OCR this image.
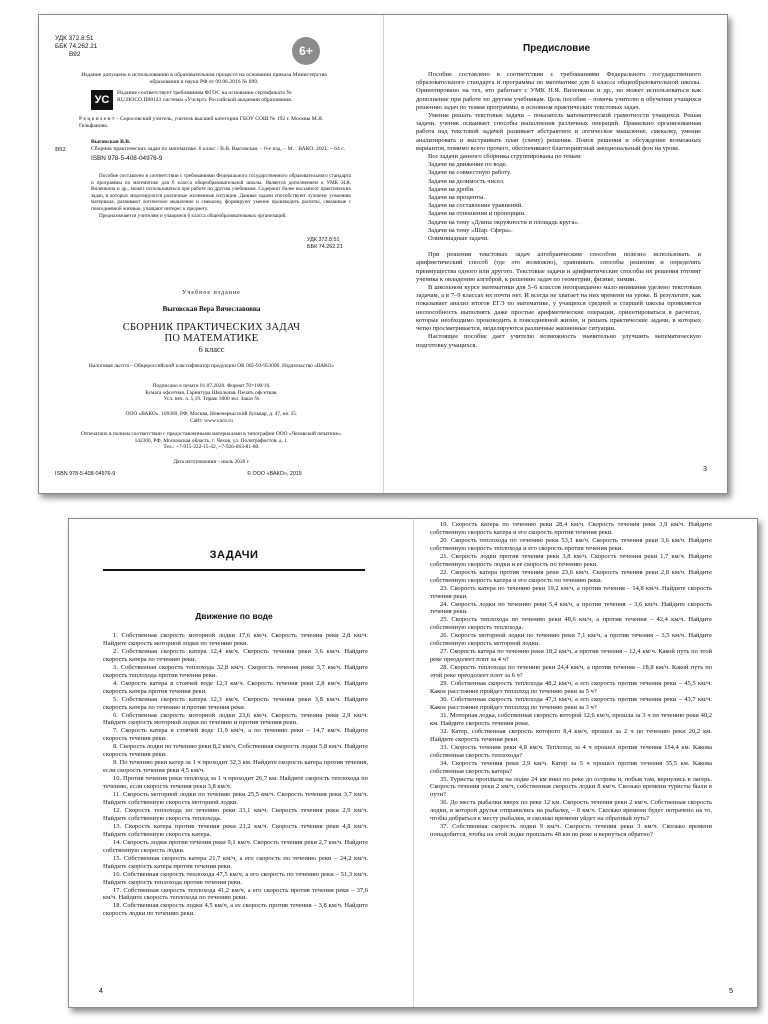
УДК 372.8:51
ББК 74.262.21
В92	6+
Издание допущено к использованию в образовательном процессе на основании приказа Министерства образования и науки РФ от 09.06.2016 № 699.
УС
Издание соответствует требованиям ФГОС на основании сертификата № RU.НОСО.П00143 системы «Учсерт» Российской академии образования.
Р е ц е н з е н т – Соросовский учитель, учитель высшей категории ГБОУ СОШ № 192 г. Москвы М.Я. Гельфанова.
Выговская В.В.
В92	Сборник практических задач по математике. 6 класс / В.В. Выговская. – 6-е изд. – М. : ВАКО, 2021. – 64 с.
ISBN 978-5-408-04976-9

Пособие составлено в соответствии с требованиями Федерального государственного образовательного стандарта и программы по математике для 6 класса общеобразовательной школы. Является дополнением к УМК Н.Я. Виленкина и др., может использоваться при работе по другим учебникам. Содержит более восьмисот практических задач, в которых моделируются различные жизненные ситуации. Данные задачи способствуют лучшему усвоению материала, развивают логическое мышление и смекалку, формируют умение производить расчеты, связанные с повседневной жизнью, учащают интерес к предмету.

Предназначается учителям и учащимся 6 класса общеобразовательных организаций.

УДК 372.8:51
ББК 74.262.21
Учебное издание
Выговская Вера Вячеславовна
СБОРНИК ПРАКТИЧЕСКИХ ЗАДАЧ
ПО МАТЕМАТИКЕ
6 класс
Налоговая льгота – Общероссийский классификатор продукции ОК 005-93-953000. Издательство «ВАКО»
Подписано к печати 01.07.2020. Формат 70×100/16.
Бумага офсетная. Гарнитура Школьная. Печать офсетная.
Усл. печ. л. 5,19. Тираж 3000 экз. Заказ №
ООО «ВАКО». 109369, РФ, Москва, Новочеркасский бульвар, д. 47, кв. 25.
Сайт: www.vaco.ru
Отпечатано в полном соответствии с предоставленными материалами в типографии ООО «Чеховский печатник».
142300, РФ, Московская область, г. Чехов, ул. Полиграфистов, д. 1.
Тел.: +7-915-222-15-42, +7-926-063-81-80.
Дата изготовления – июль 2020 г.
ISBN 978-5-408-04976-9	© ООО «ВАКО», 2015
Предисловие

Пособие составлено в соответствии с требованиями Федерального государственного образовательного стандарта и программы по математике для 6 класса общеобразовательной школы. Ориентировано на тех, кто работает с УМК Н.Я. Виленкина и др., но может использоваться как дополнение при работе по другим учебникам. Цель пособия – помочь учителю в обучении учащихся решению задач по темам программы, в основном практических текстовых задач.

Умение решать текстовые задачи – показатель математической грамотности учащихся. Решая задачи, ученик осваивает способы выполнения различных операций. Правильно организованная работа над текстовой задачей развивает абстрактное и логическое мышление, смекалку, умение анализировать и выстраивать план (схему) решения. Поиск решения и обсуждение возможных вариантов, помимо всего прочего, обеспечивают благоприятный эмоциональный фон на уроке.

Все задачи данного сборника сгруппированы по темам:

Задачи на движение по воде.
Задачи на совместную работу.
Задачи на делимость чисел.
Задачи на дроби.
Задачи на проценты.
Задачи на составление уравнений.
Задачи на отношения и пропорции.
Задачи на тему «Длина окружности и площадь круга».
Задачи на тему «Шар. Сфера».
Олимпиадные задачи.

При решении текстовых задач алгебраическим способом полезно использовать и арифметический способ (где это возможно), сравнивать способы решения и определять преимущества одного или другого. Текстовые задачи и арифметические способы их решения готовят ученика к овладению алгеброй, к решению задач по геометрии, физике, химии.

В школьном курсе математики для 5–6 классов неоправданно мало внимания уделено текстовым задачам, а в 7–9 классах их почти нет. И всегда не хватает на них времени на уроке. В результате, как показывает анализ итогов ЕГЭ по математике, у учащихся средней и старшей школы проявляется неспособность выполнять даже простые арифметические операции, ориентироваться в расчетах, которые необходимо производить в повседневной жизни, и решать практические задачи, в которых четко просматривается, моделируются различные жизненные ситуации.

Настоящее пособие дает учителю возможность значительно улучшить математическую подготовку учащихся.

3
ЗАДАЧИ
Движение по воде

1. Собственная скорость моторной лодки 17,6 км/ч. Скорость течения реки 2,8 км/ч. Найдите скорость моторной лодки по течению реки.

2. Собственная скорость катера 12,4 км/ч. Скорость течения реки 3,6 км/ч. Найдите скорость катера по течению реки.

3. Собственная скорость теплохода 32,8 км/ч. Скорость течения реки 3,7 км/ч. Найдите скорость теплохода против течения реки.

4. Скорость катера в стоячей воде 12,3 км/ч. Скорость течения реки 2,8 км/ч. Найдите скорость катера против течения реки.

5. Собственная скорость катера 12,3 км/ч. Скорость течения реки 3,8 км/ч. Найдите скорость катера по течению и против течения реки.

6. Собственная скорость моторной лодки 23,6 км/ч. Скорость течения реки 2,9 км/ч. Найдите скорость моторной лодки по течению и против течения реки.

7. Скорость катера в стоячей воде 11,9 км/ч, а по течению реки – 14,7 км/ч. Найдите скорость течения реки.

8. Скорость лодки по течению реки 8,2 км/ч. Собственная скорость лодки 5,8 км/ч. Найдите скорость течения реки.

9. По течению реки катер за 1 ч проходит 32,3 км. Найдите скорость катера против течения, если скорость течения реки 4,5 км/ч.

10. Против течения реки теплоход за 1 ч проходит 26,7 км. Найдите скорость теплохода по течению, если скорость течения реки 3,8 км/ч.

11. Скорость моторной лодки по течению реки 25,5 км/ч. Скорость течения реки 3,7 км/ч. Найдите собственную скорость моторной лодки.

12. Скорость теплохода по течению реки 33,1 км/ч. Скорость течения реки 2,9 км/ч. Найдите собственную скорость теплохода.

13. Скорость катера против течения реки 21,2 км/ч. Скорость течения реки 4,8 км/ч. Найдите собственную скорость катера.

14. Скорость лодки против течения реки 9,1 км/ч. Скорость течения реки 2,7 км/ч. Найдите собственную скорость лодки.

15. Собственная скорость катера 21,7 км/ч, а его скорость по течению реки – 24,2 км/ч. Найдите скорость катера против течения реки.

16. Собственная скорость теплохода 47,5 км/ч, а его скорость по течению реки – 51,3 км/ч. Найдите скорость теплохода против течения реки.

17. Собственная скорость теплохода 41,2 км/ч, а его скорость против течения реки – 37,6 км/ч. Найдите скорость теплохода по течению реки.

18. Собственная скорость лодки 4,5 км/ч, а ее скорость против течения – 3,8 км/ч. Найдите скорость лодки по течению реки.

4

19. Скорость катера по течению реки 28,4 км/ч. Скорость течения реки 3,9 км/ч. Найдите собственную скорость катера и его скорость против течения реки.

20. Скорость теплохода по течению реки 53,1 км/ч. Скорость течения реки 3,6 км/ч. Найдите собственную скорость теплохода и его скорость против течения реки.

21. Скорость лодки против течения реки 3,8 км/ч. Скорость течения реки 1,7 км/ч. Найдите собственную скорость лодки и ее скорость по течению реки.

22. Скорость катера против течения реки 23,6 км/ч. Скорость течения реки 2,8 км/ч. Найдите собственную скорость катера и его скорость по течению реки.

23. Скорость катера по течению реки 19,2 км/ч, а против течения – 14,8 км/ч. Найдите скорость течения реки.

24. Скорость лодки по течению реки 5,4 км/ч, а против течения – 3,6 км/ч. Найдите скорость течения реки.

25. Скорость теплохода по течению реки 48,6 км/ч, а против течения – 42,4 км/ч. Найдите собственную скорость теплохода.

26. Скорость моторной лодки по течению реки 7,1 км/ч, а против течения – 3,5 км/ч. Найдите собственную скорость моторной лодки.

27. Скорость катера по течению реки 18,2 км/ч, а против течения – 12,4 км/ч. Какой путь по этой реке преодолеет плот за 4 ч?

28. Скорость теплохода по течению реки 24,4 км/ч, а против течения – 18,8 км/ч. Какой путь по этой реке преодолеет плот за 6 ч?

29. Собственная скорость теплохода 48,2 км/ч, а его скорость против течения реки – 45,5 км/ч. Какое расстояние пройдет теплоход по течению реки за 5 ч?

30. Собственная скорость теплохода 47,3 км/ч, а его скорость против течения реки – 43,7 км/ч. Какое расстояние пройдет теплоход по течению реки за 3 ч?

31. Моторная лодка, собственная скорость которой 12,6 км/ч, прошла за 3 ч по течению реки 40,2 км. Найдите скорость течения реки.

32. Катер, собственная скорость которого 8,4 км/ч, прошел за 2 ч по течению реки 20,2 км. Найдите скорость течения реки.

33. Скорость течения реки 4,8 км/ч. Теплоход за 4 ч прошел против течения 154,4 км. Какова собственная скорость теплохода?

34. Скорость течения реки 2,9 км/ч. Катер за 5 ч прошел против течения 35,5 км. Какова собственная скорость катера?

35. Туристы проплыли на лодке 24 км вниз по реке до острова и, побыв там, вернулись в лагерь. Скорость течения реки 2 км/ч, собственная скорость лодки 8 км/ч. Сколько времени туристы были в пути?

36. До места рыбалки вверх по реке 12 км. Скорость течения реки 2 км/ч. Собственная скорость лодки, в которой друзья отправились на рыбалку, – 8 км/ч. Сколько времени будет потрачено на то, чтобы добраться к месту рыбалки, и сколько времени уйдет на обратный путь?

37. Собственная скорость лодки 9 км/ч. Скорость течения реки 3 км/ч. Сколько времени понадобится, чтобы на этой лодке проплыть 48 км по реке и вернуться обратно?

5
